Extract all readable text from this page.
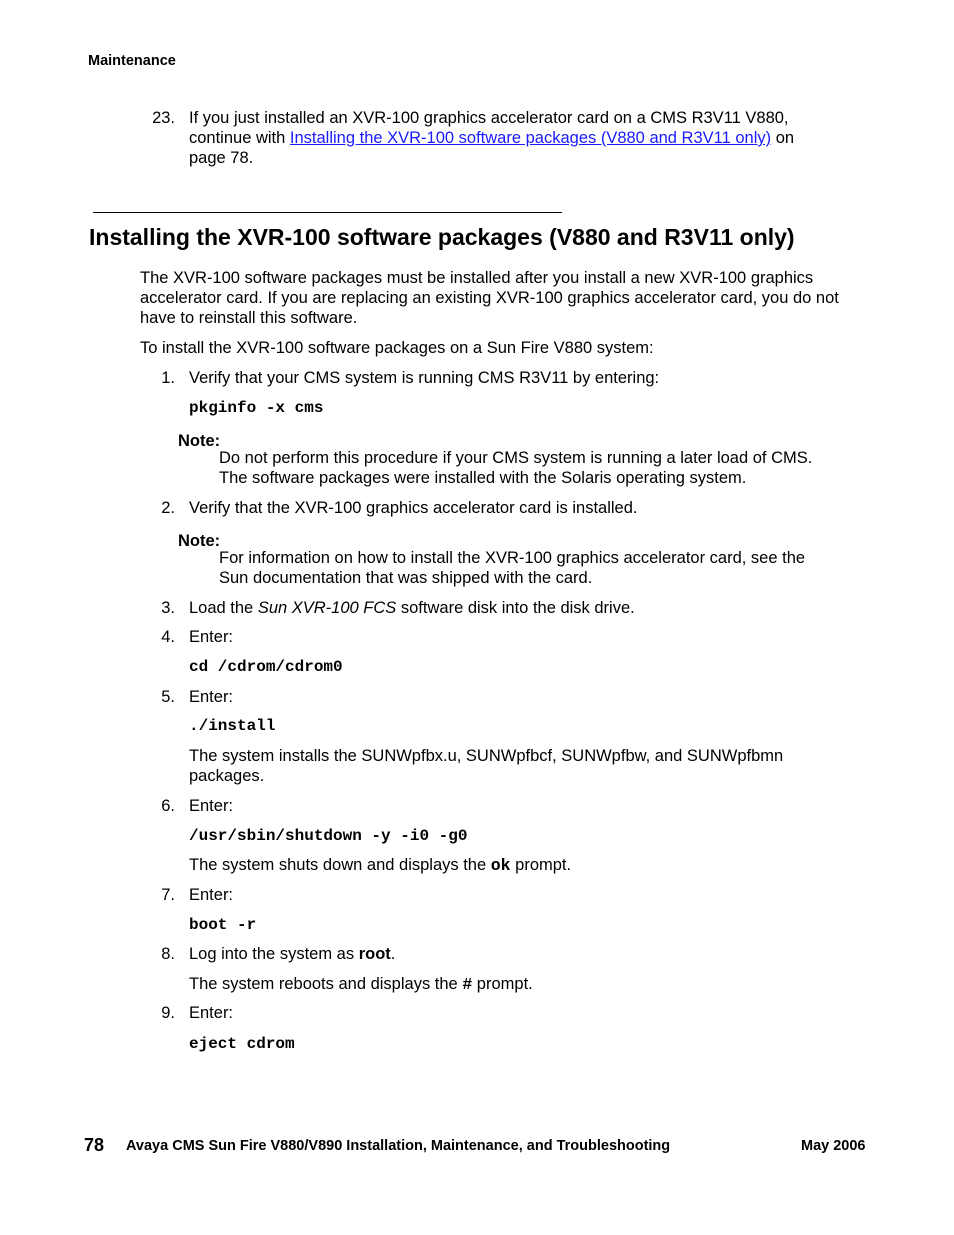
Maintenance
23. If you just installed an XVR-100 graphics accelerator card on a CMS R3V11 V880,
continue with Installing the XVR-100 software packages (V880 and R3V11 only) on
page 78.
Installing the XVR-100 software packages (V880 and R3V11 only)
The XVR-100 software packages must be installed after you install a new XVR-100 graphics
accelerator card. If you are replacing an existing XVR-100 graphics accelerator card, you do not
have to reinstall this software.
To install the XVR-100 software packages on a Sun Fire V880 system:
1. Verify that your CMS system is running CMS R3V11 by entering:
pkginfo -x cms
Note:
Do not perform this procedure if your CMS system is running a later load of CMS.
The software packages were installed with the Solaris operating system.
2. Verify that the XVR-100 graphics accelerator card is installed.
Note:
For information on how to install the XVR-100 graphics accelerator card, see the
Sun documentation that was shipped with the card.
3. Load the Sun XVR-100 FCS software disk into the disk drive.
4. Enter:
cd /cdrom/cdrom0
5. Enter:
./install
The system installs the SUNWpfbx.u, SUNWpfbcf, SUNWpfbw, and SUNWpfbmn
packages.
6. Enter:
/usr/sbin/shutdown -y -i0 -g0
The system shuts down and displays the ok prompt.
7. Enter:
boot -r
8. Log into the system as root.
The system reboots and displays the # prompt.
9. Enter:
eject cdrom
78 Avaya CMS Sun Fire V880/V890 Installation, Maintenance, and Troubleshooting	May 2006
